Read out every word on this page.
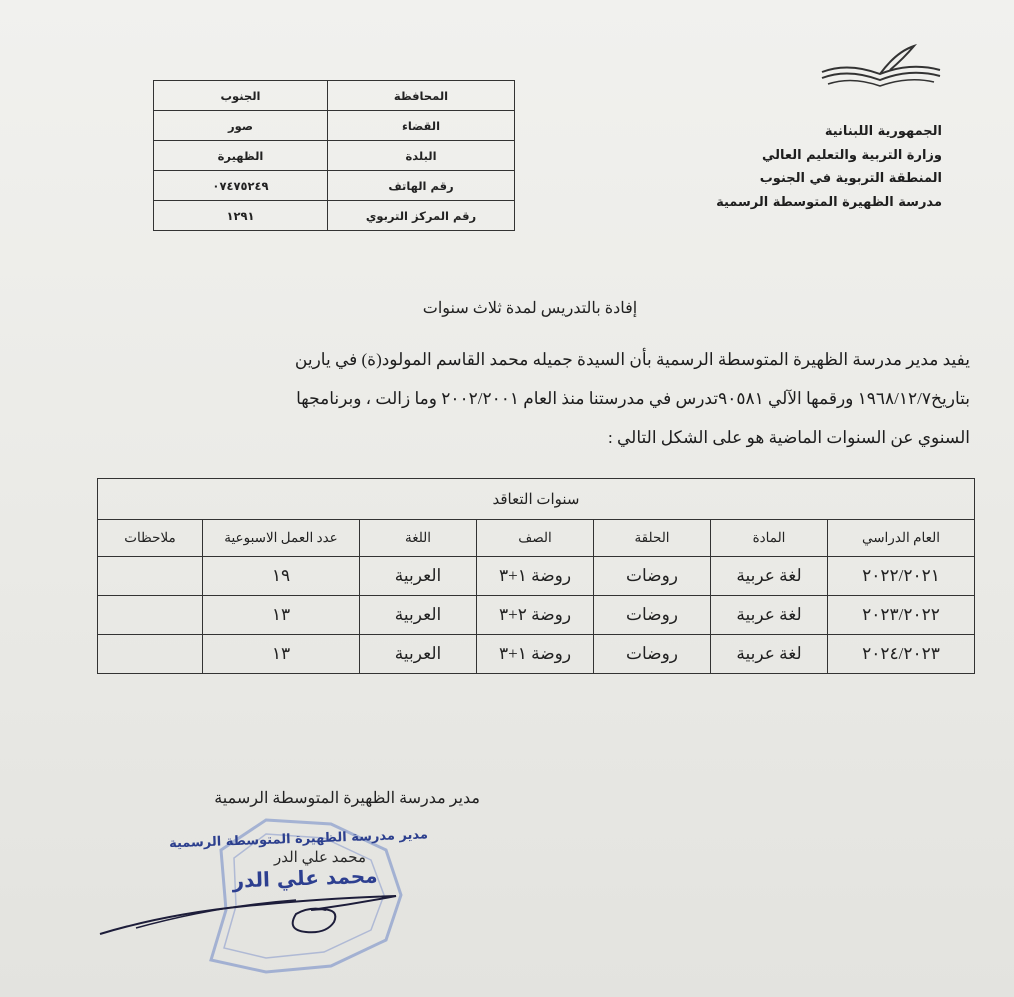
الجمهورية اللبنانية
وزارة التربية والتعليم العالي
المنطقة التربوية في الجنوب
مدرسة الظهيرة المتوسطة الرسمية
المحافظة	الجنوب
القضاء	صور
البلدة	الظهيرة
رقم الهاتف	٠٧٤٧٥٢٤٩
رقم المركز التربوي	١٢٩١
إفادة بالتدريس لمدة ثلاث سنوات
يفيد مدير مدرسة الظهيرة المتوسطة الرسمية بأن السيدة جميله محمد القاسم المولود(ة) في يارين
بتاريخ١٩٦٨/١٢/٧ ورقمها الآلي ٩٠٥٨١تدرس في مدرستنا منذ العام ٢٠٠٢/٢٠٠١ وما زالت ، وبرنامجها
السنوي عن السنوات الماضية هو على الشكل التالي :
سنوات التعاقد						
العام الدراسي	المادة	الحلقة	الصف	اللغة	عدد العمل الاسبوعية	ملاحظات
٢٠٢٢/٢٠٢١	لغة عربية	روضات	روضة ١+٣	العربية	١٩	
٢٠٢٣/٢٠٢٢	لغة عربية	روضات	روضة ٢+٣	العربية	١٣	
٢٠٢٤/٢٠٢٣	لغة عربية	روضات	روضة ١+٣	العربية	١٣	
مدير مدرسة الظهيرة المتوسطة الرسمية
مدير مدرسة الظهيرة المتوسطة الرسمية
محمد علي الدر
محمد علي الدر
